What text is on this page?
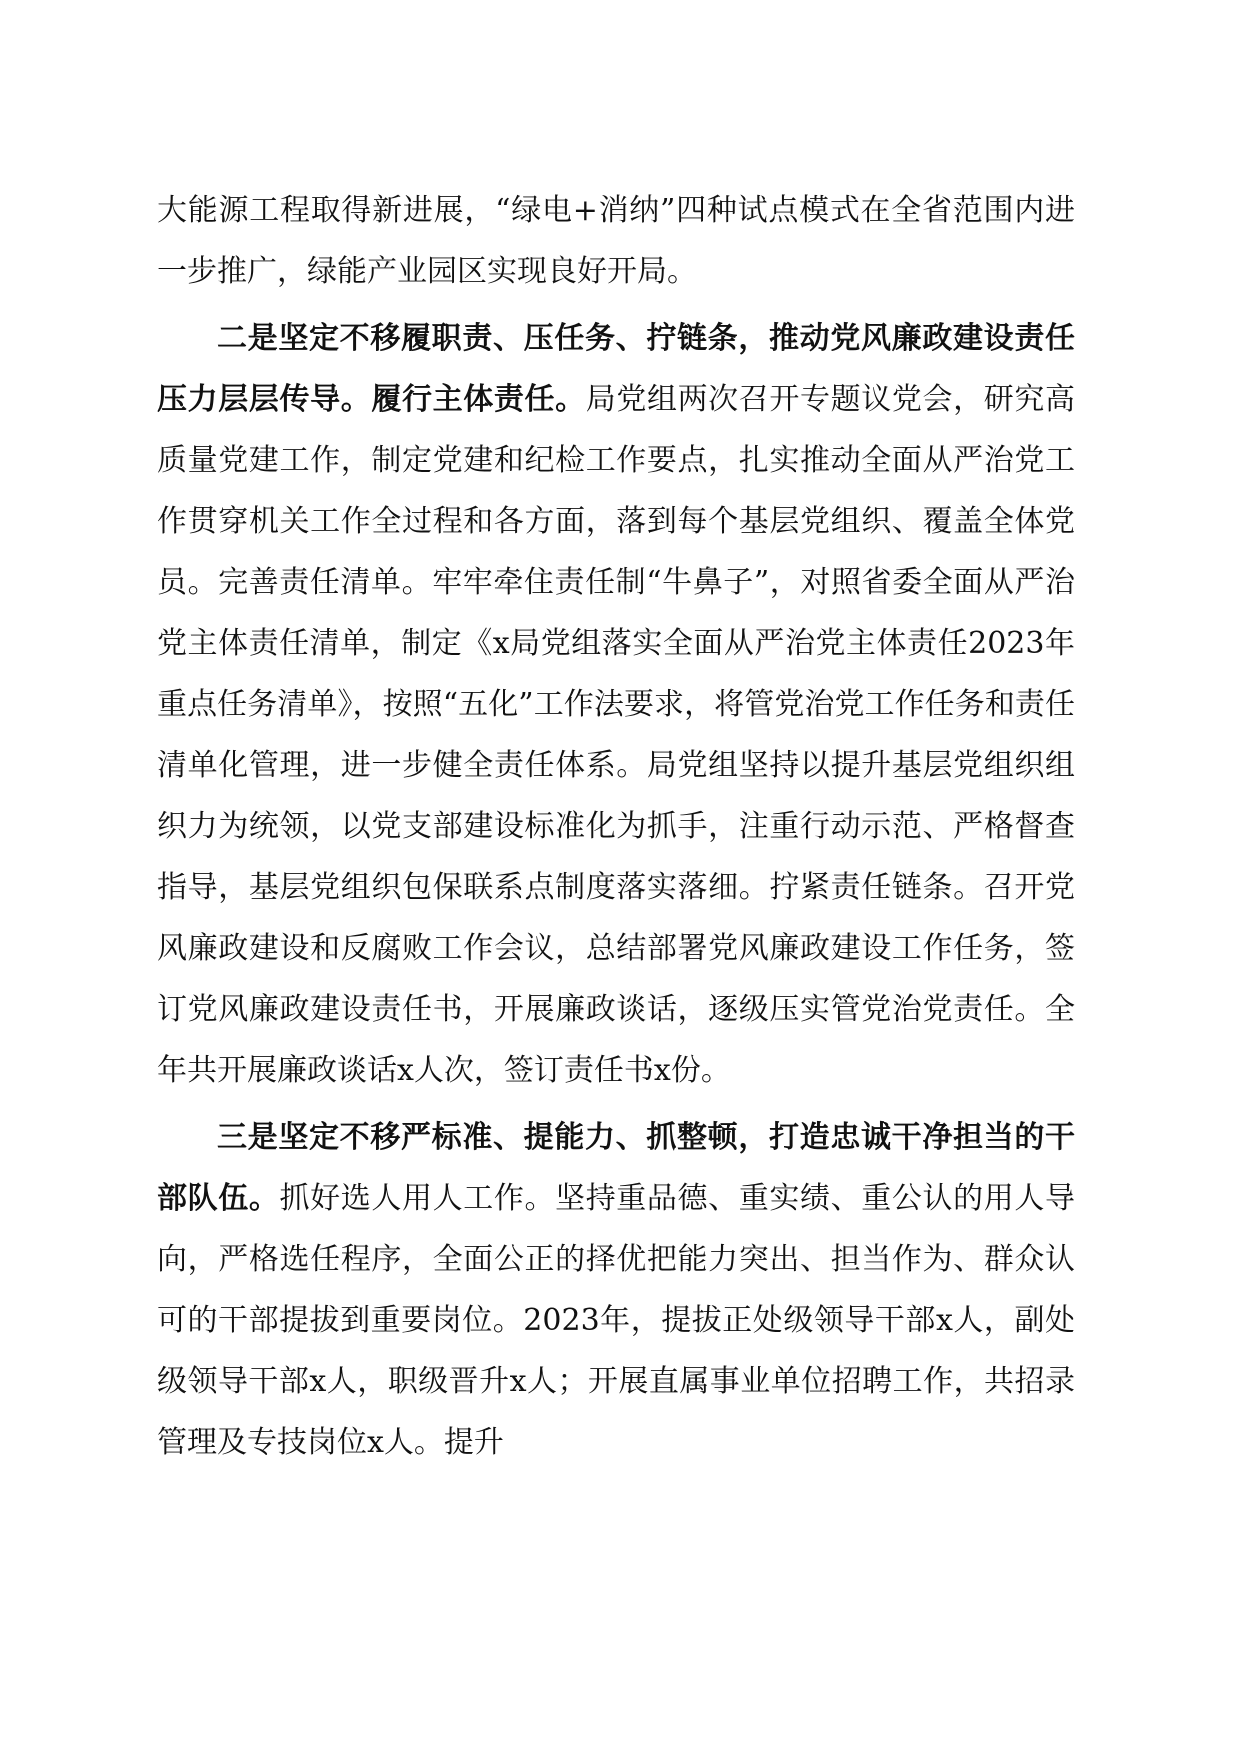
大能源工程取得新进展，“绿电+消纳”四种试点模式在全省范围内进一步推广，绿能产业园区实现良好开局。

二是坚定不移履职责、压任务、拧链条，推动党风廉政建设责任压力层层传导。履行主体责任。局党组两次召开专题议党会，研究高质量党建工作，制定党建和纪检工作要点，扎实推动全面从严治党工作贯穿机关工作全过程和各方面，落到每个基层党组织、覆盖全体党员。完善责任清单。牢牢牵住责任制“牛鼻子”，对照省委全面从严治党主体责任清单，制定《x局党组落实全面从严治党主体责任2023年重点任务清单》，按照“五化”工作法要求，将管党治党工作任务和责任清单化管理，进一步健全责任体系。局党组坚持以提升基层党组织组织力为统领，以党支部建设标准化为抓手，注重行动示范、严格督查指导，基层党组织包保联系点制度落实落细。拧紧责任链条。召开党风廉政建设和反腐败工作会议，总结部署党风廉政建设工作任务，签订党风廉政建设责任书，开展廉政谈话，逐级压实管党治党责任。全年共开展廉政谈话x人次，签订责任书x份。

三是坚定不移严标准、提能力、抓整顿，打造忠诚干净担当的干部队伍。抓好选人用人工作。坚持重品德、重实绩、重公认的用人导向，严格选任程序，全面公正的择优把能力突出、担当作为、群众认可的干部提拔到重要岗位。2023年，提拔正处级领导干部x人，副处级领导干部x人，职级晋升x人；开展直属事业单位招聘工作，共招录管理及专技岗位x人。提升
